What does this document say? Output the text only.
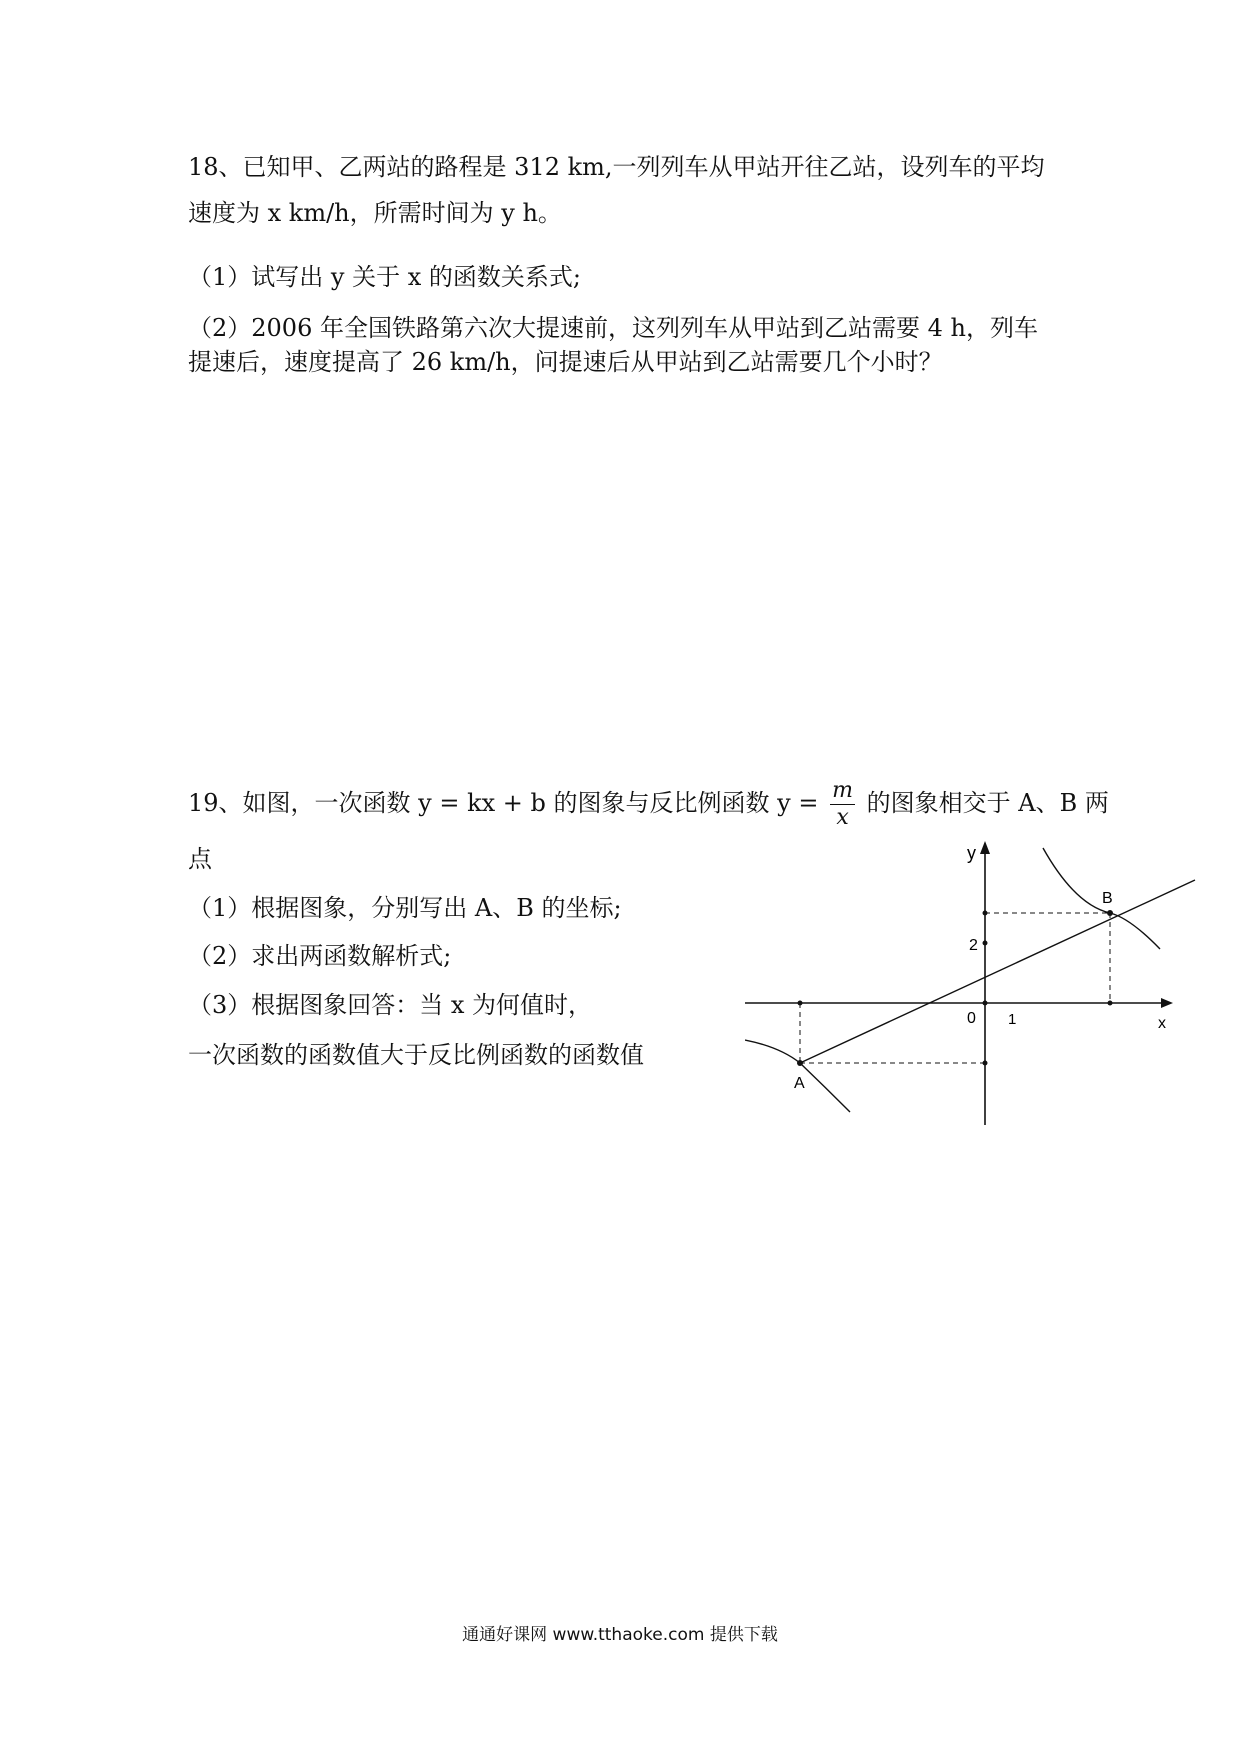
18、已知甲、乙两站的路程是 312 km,一列列车从甲站开往乙站，设列车的平均
速度为 x km/h，所需时间为 y h。
（1）试写出 y 关于 x 的函数关系式;
（2）2006 年全国铁路第六次大提速前，这列列车从甲站到乙站需要 4 h，列车
提速后，速度提高了 26 km/h，问提速后从甲站到乙站需要几个小时？
19、如图，一次函数 y = kx + b 的图象与反比例函数 $y = \frac{m}{x}$ 的图象相交于 A、B 两
点
（1）根据图象，分别写出 A、B 的坐标;
（2）求出两函数解析式;
（3）根据图象回答：当 x 为何值时，
一次函数的函数值大于反比例函数的函数值
y
x
0 1
2
B
A
通通好课网 www.tthaoke.com 提供下载
